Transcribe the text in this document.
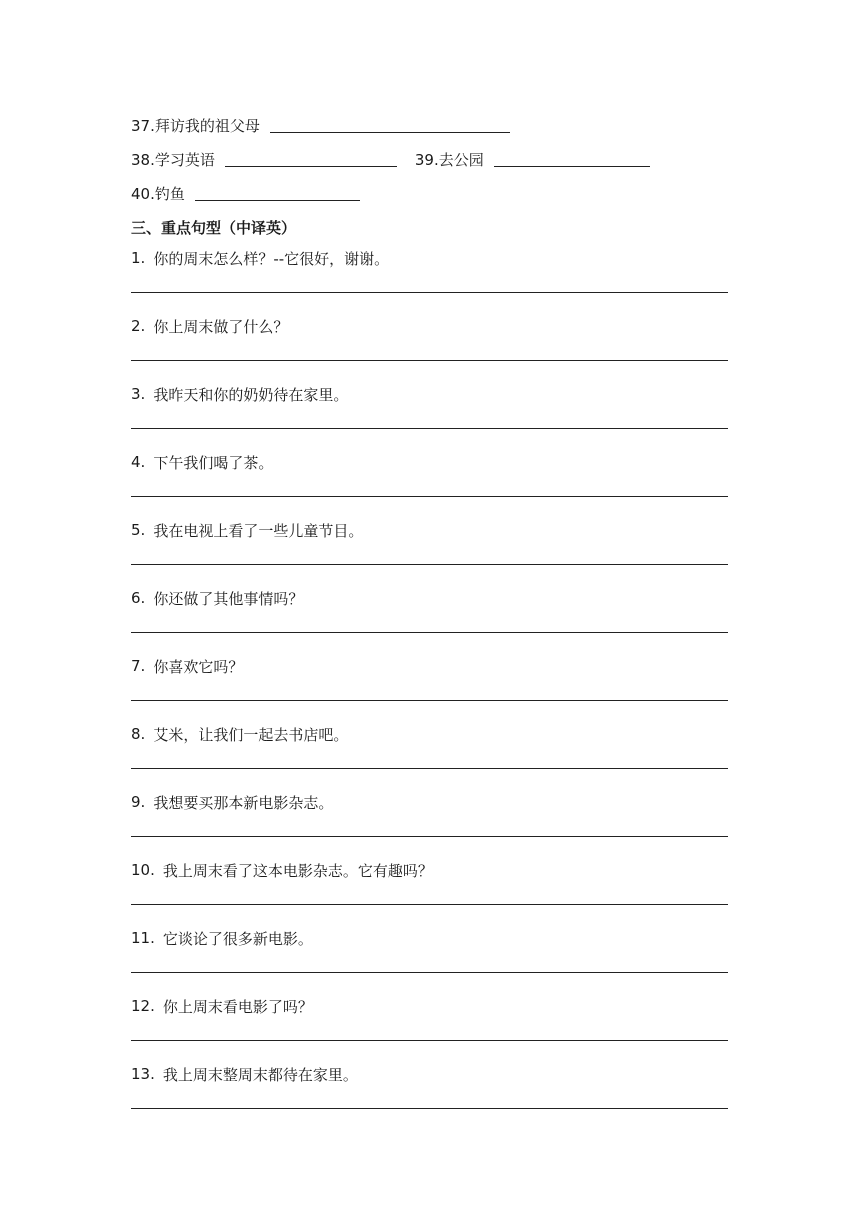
37.拜访我的祖父母
38.学习英语	39.去公园
40.钓鱼
三、重点句型（中译英）
1. 你的周末怎么样？--它很好，谢谢。
2. 你上周末做了什么？
3. 我昨天和你的奶奶待在家里。
4. 下午我们喝了茶。
5. 我在电视上看了一些儿童节目。
6. 你还做了其他事情吗？
7. 你喜欢它吗？
8. 艾米，让我们一起去书店吧。
9. 我想要买那本新电影杂志。
10. 我上周末看了这本电影杂志。它有趣吗？
11. 它谈论了很多新电影。
12. 你上周末看电影了吗？
13. 我上周末整周末都待在家里。
